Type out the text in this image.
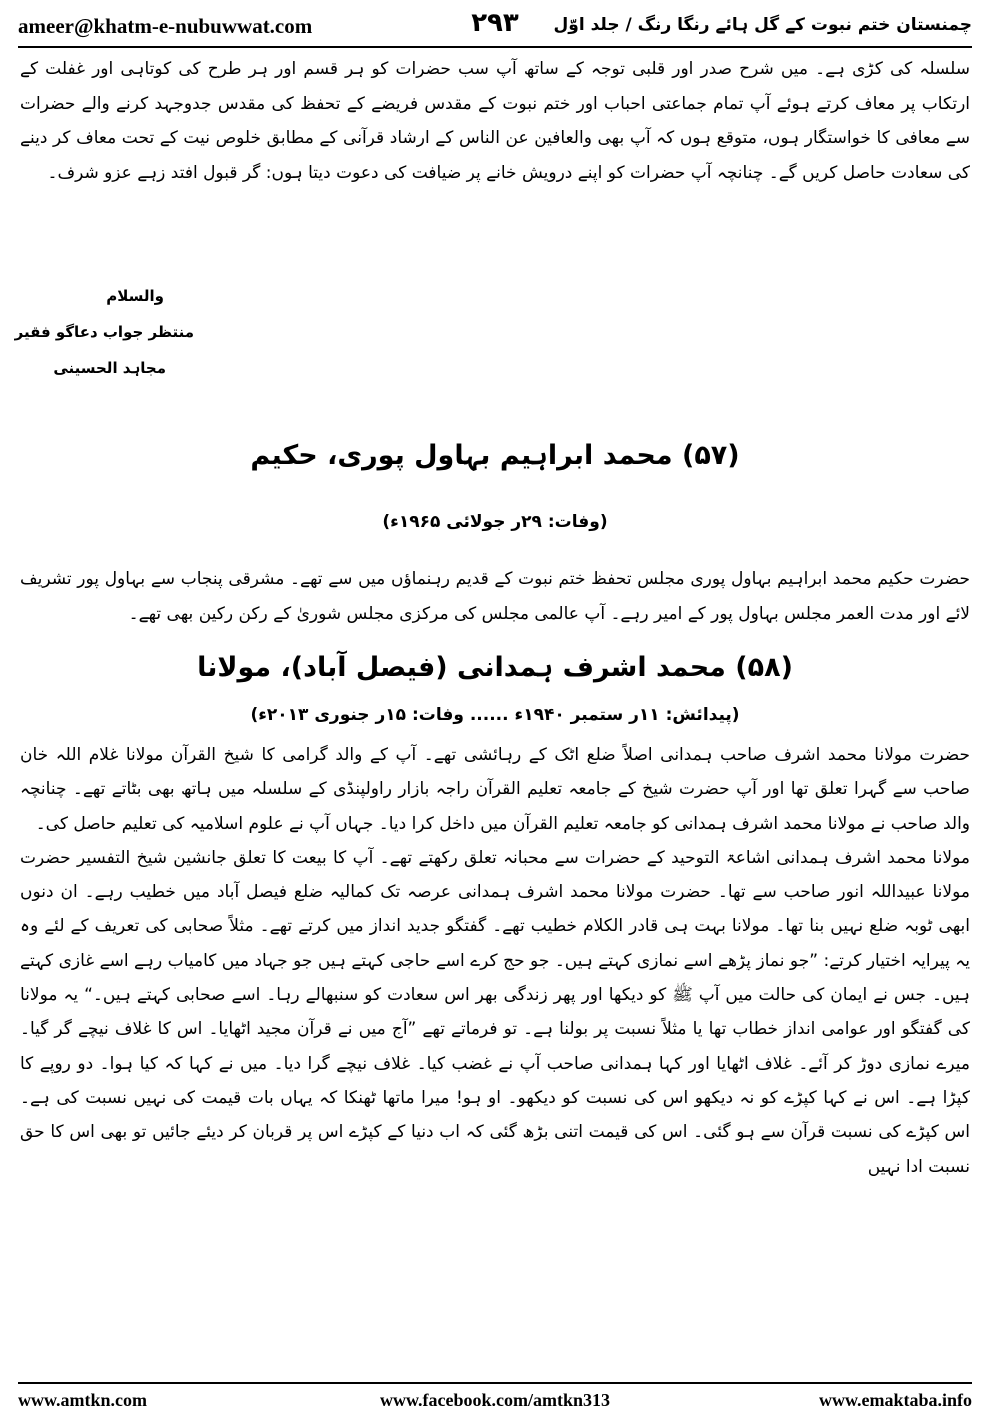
ameer@khatm-e-nubuwwat.com	۲۹۳	چمنستان ختم نبوت کے گل ہائے رنگا رنگ / جلد اوّل

سلسلہ کی کڑی ہے۔ میں شرح صدر اور قلبی توجہ کے ساتھ آپ سب حضرات کو ہر قسم اور ہر طرح کی کوتاہی اور غفلت کے ارتکاب پر معاف کرتے ہوئے آپ تمام جماعتی احباب اور ختم نبوت کے مقدس فریضے کے تحفظ کی مقدس جدوجہد کرنے والے حضرات سے معافی کا خواستگار ہوں، متوقع ہوں کہ آپ بھی والعافین عن الناس کے ارشاد قرآنی کے مطابق خلوص نیت کے تحت معاف کر دینے کی سعادت حاصل کریں گے۔ چنانچہ آپ حضرات کو اپنے درویش خانے پر ضیافت کی دعوت دیتا ہوں: گر قبول افتد زہے عزو شرف۔

والسلام
منتظر جواب دعاگو فقیر
مجاہد الحسینی
(۵۷) محمد ابراہیم بہاول پوری، حکیم
(وفات: ۲۹ر جولائی ۱۹۶۵ء)

حضرت حکیم محمد ابراہیم بہاول پوری مجلس تحفظ ختم نبوت کے قدیم رہنماؤں میں سے تھے۔ مشرقی پنجاب سے بہاول پور تشریف لائے اور مدت العمر مجلس بہاول پور کے امیر رہے۔ آپ عالمی مجلس کی مرکزی مجلس شوریٰ کے رکن رکین بھی تھے۔

(۵۸) محمد اشرف ہمدانی (فیصل آباد)، مولانا
(پیدائش: ۱۱ر ستمبر ۱۹۴۰ء ...... وفات: ۱۵ر جنوری ۲۰۱۳ء)

حضرت مولانا محمد اشرف صاحب ہمدانی اصلاً ضلع اٹک کے رہائشی تھے۔ آپ کے والد گرامی کا شیخ القرآن مولانا غلام اللہ خان صاحب سے گہرا تعلق تھا اور آپ حضرت شیخ کے جامعہ تعلیم القرآن راجہ بازار راولپنڈی کے سلسلہ میں ہاتھ بھی بٹاتے تھے۔ چنانچہ والد صاحب نے مولانا محمد اشرف ہمدانی کو جامعہ تعلیم القرآن میں داخل کرا دیا۔ جہاں آپ نے علوم اسلامیہ کی تعلیم حاصل کی۔

مولانا محمد اشرف ہمدانی اشاعۃ التوحید کے حضرات سے محبانہ تعلق رکھتے تھے۔ آپ کا بیعت کا تعلق جانشین شیخ التفسیر حضرت مولانا عبیداللہ انور صاحب سے تھا۔ حضرت مولانا محمد اشرف ہمدانی عرصہ تک کمالیہ ضلع فیصل آباد میں خطیب رہے۔ ان دنوں ابھی ٹوبہ ضلع نہیں بنا تھا۔ مولانا بہت ہی قادر الکلام خطیب تھے۔ گفتگو جدید انداز میں کرتے تھے۔ مثلاً صحابی کی تعریف کے لئے وہ یہ پیرایہ اختیار کرتے: ”جو نماز پڑھے اسے نمازی کہتے ہیں۔ جو حج کرے اسے حاجی کہتے ہیں جو جہاد میں کامیاب رہے اسے غازی کہتے ہیں۔ جس نے ایمان کی حالت میں آپ ﷺ کو دیکھا اور پھر زندگی بھر اس سعادت کو سنبھالے رہا۔ اسے صحابی کہتے ہیں۔“ یہ مولانا کی گفتگو اور عوامی انداز خطاب تھا یا مثلاً نسبت پر بولنا ہے۔ تو فرماتے تھے ”آج میں نے قرآن مجید اٹھایا۔ اس کا غلاف نیچے گر گیا۔ میرے نمازی دوڑ کر آئے۔ غلاف اٹھایا اور کہا ہمدانی صاحب آپ نے غضب کیا۔ غلاف نیچے گرا دیا۔ میں نے کہا کہ کیا ہوا۔ دو روپے کا کپڑا ہے۔ اس نے کہا کپڑے کو نہ دیکھو اس کی نسبت کو دیکھو۔ او ہو! میرا ماتھا ٹھنکا کہ یہاں بات قیمت کی نہیں نسبت کی ہے۔ اس کپڑے کی نسبت قرآن سے ہو گئی۔ اس کی قیمت اتنی بڑھ گئی کہ اب دنیا کے کپڑے اس پر قربان کر دیئے جائیں تو بھی اس کا حق نسبت ادا نہیں

www.amtkn.com	www.facebook.com/amtkn313	www.emaktaba.info
